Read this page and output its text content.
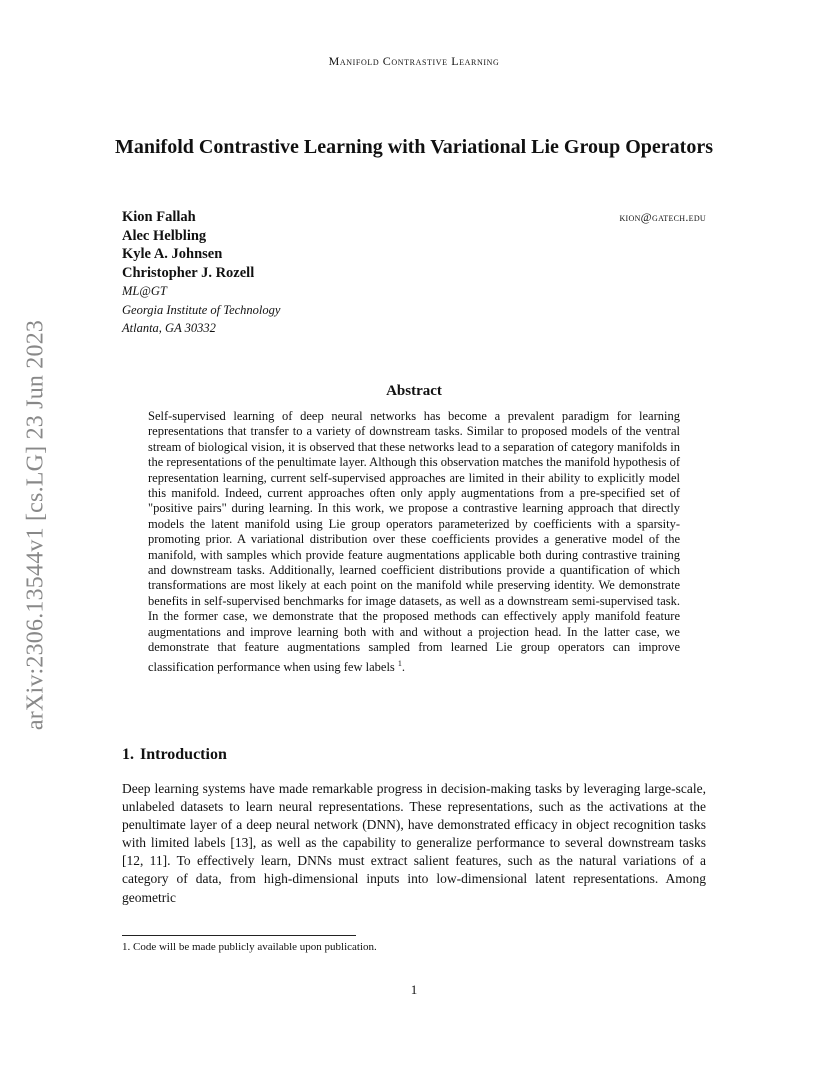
Manifold Contrastive Learning
arXiv:2306.13544v1 [cs.LG] 23 Jun 2023
Manifold Contrastive Learning with Variational Lie Group Operators
Kion Fallah
Alec Helbling
Kyle A. Johnsen
Christopher J. Rozell
kion@gatech.edu
ML@GT
Georgia Institute of Technology
Atlanta, GA 30332
Abstract

Self-supervised learning of deep neural networks has become a prevalent paradigm for learning representations that transfer to a variety of downstream tasks. Similar to proposed models of the ventral stream of biological vision, it is observed that these networks lead to a separation of category manifolds in the representations of the penultimate layer. Although this observation matches the manifold hypothesis of representation learning, current self-supervised approaches are limited in their ability to explicitly model this manifold. Indeed, current approaches often only apply augmentations from a pre-specified set of "positive pairs" during learning. In this work, we propose a contrastive learning approach that directly models the latent manifold using Lie group operators parameterized by coefficients with a sparsity-promoting prior. A variational distribution over these coefficients provides a generative model of the manifold, with samples which provide feature augmentations applicable both during contrastive training and downstream tasks. Additionally, learned coefficient distributions provide a quantification of which transformations are most likely at each point on the manifold while preserving identity. We demonstrate benefits in self-supervised benchmarks for image datasets, as well as a downstream semi-supervised task. In the former case, we demonstrate that the proposed methods can effectively apply manifold feature augmentations and improve learning both with and without a projection head. In the latter case, we demonstrate that feature augmentations sampled from learned Lie group operators can improve classification performance when using few labels $^1$.

1. Introduction

Deep learning systems have made remarkable progress in decision-making tasks by leveraging large-scale, unlabeled datasets to learn neural representations. These representations, such as the activations at the penultimate layer of a deep neural network (DNN), have demonstrated efficacy in object recognition tasks with limited labels [13], as well as the capability to generalize performance to several downstream tasks [12, 11]. To effectively learn, DNNs must extract salient features, such as the natural variations of a category of data, from high-dimensional inputs into low-dimensional latent representations. Among geometric

1. Code will be made publicly available upon publication.
1
